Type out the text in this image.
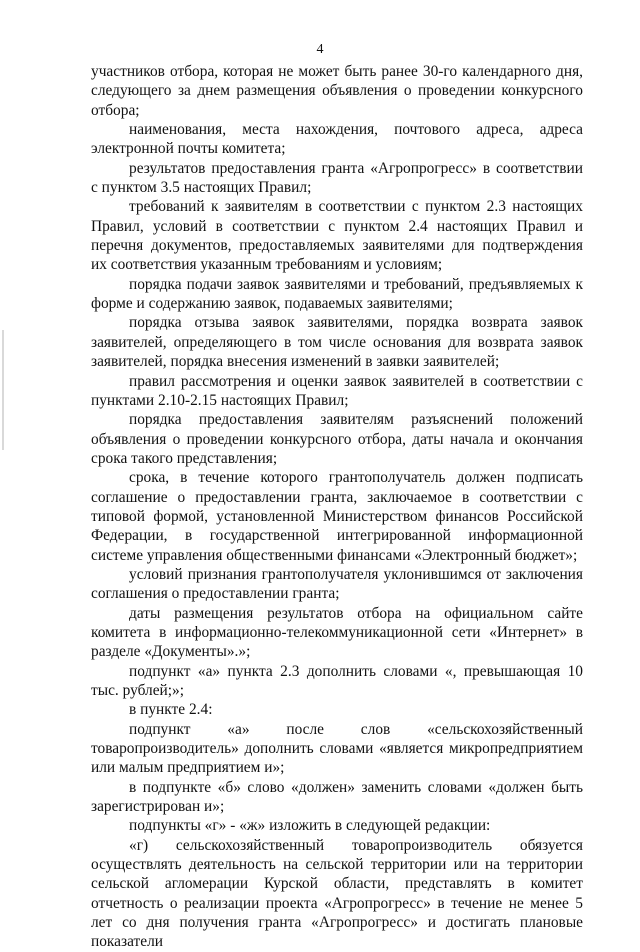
4

участников отбора, которая не может быть ранее 30-го календарного дня, следующего за днем размещения объявления о проведении конкурсного отбора;

наименования, места нахождения, почтового адреса, адреса электронной почты комитета;

результатов предоставления гранта «Агропрогресс» в соответствии с пунктом 3.5 настоящих Правил;

требований к заявителям в соответствии с пунктом 2.3 настоящих Правил, условий в соответствии с пунктом 2.4 настоящих Правил и перечня документов, предоставляемых заявителями для подтверждения их соответствия указанным требованиям и условиям;

порядка подачи заявок заявителями и требований, предъявляемых к форме и содержанию заявок, подаваемых заявителями;

порядка отзыва заявок заявителями, порядка возврата заявок заявителей, определяющего в том числе основания для возврата заявок заявителей, порядка внесения изменений в заявки заявителей;

правил рассмотрения и оценки заявок заявителей в соответствии с пунктами 2.10-2.15 настоящих Правил;

порядка предоставления заявителям разъяснений положений объявления о проведении конкурсного отбора, даты начала и окончания срока такого представления;

срока, в течение которого грантополучатель должен подписать соглашение о предоставлении гранта, заключаемое в соответствии с типовой формой, установленной Министерством финансов Российской Федерации, в государственной интегрированной информационной системе управления общественными финансами «Электронный бюджет»;

условий признания грантополучателя уклонившимся от заключения соглашения о предоставлении гранта;

даты размещения результатов отбора на официальном сайте комитета в информационно-телекоммуникационной сети «Интернет» в разделе «Документы».»;

подпункт «а» пункта 2.3 дополнить словами «, превышающая 10 тыс. рублей;»;

в пункте 2.4:

подпункт «а» после слов «сельскохозяйственный товаропроизводитель» дополнить словами «является микропредприятием или малым предприятием и»;

в подпункте «б» слово «должен» заменить словами «должен быть зарегистрирован и»;

подпункты «г» - «ж» изложить в следующей редакции:

«г) сельскохозяйственный товаропроизводитель обязуется осуществлять деятельность на сельской территории или на территории сельской агломерации Курской области, представлять в комитет отчетность о реализации проекта «Агропрогресс» в течение не менее 5 лет со дня получения гранта «Агропрогресс» и достигать плановые показатели
